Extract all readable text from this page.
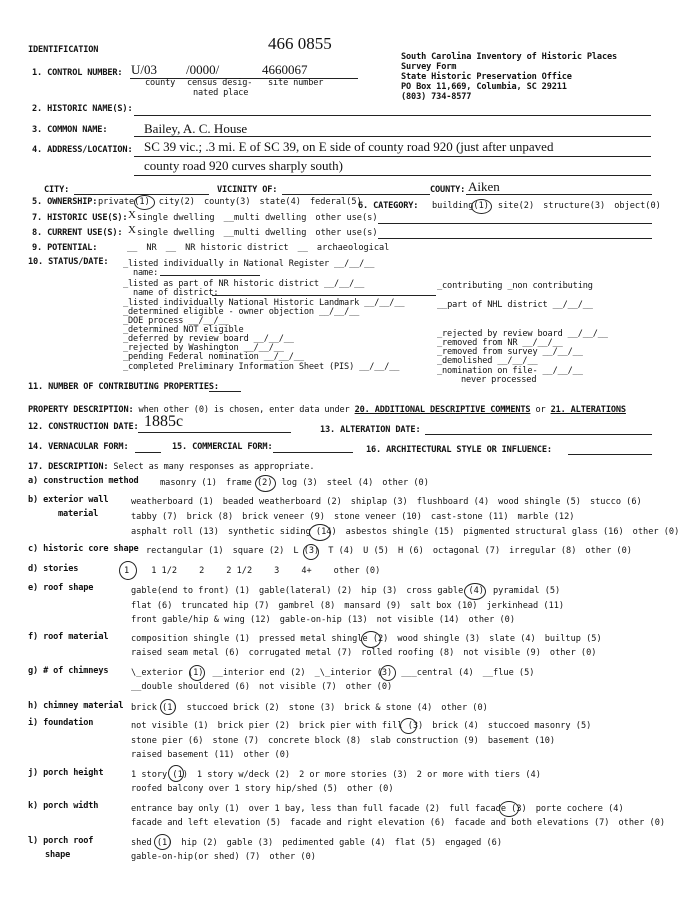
IDENTIFICATION	466 0855
South Carolina Inventory of Historic Places
Survey Form
State Historic Preservation Office
PO Box 11,669, Columbia, SC 29211
(803) 734-8577
1. CONTROL NUMBER: U/03 /0000/	4660067
county census desig- site number
nated place
2. HISTORIC NAME(S):
3. COMMON NAME:	Bailey, A. C. House
4. ADDRESS/LOCATION: SC 39 vic.; .3 mi. E of SC 39, on E side of county road 920 (just after unpaved
county road 920 curves sharply south)
CITY:	VICINITY OF:	COUNTY: Aiken
5. OWNERSHIP: private(1) city(2) county(3) state(4) federal(5)
6. CATEGORY: building(1) site(2) structure(3) object(0)
7. HISTORIC USE(S): X single dwelling __multi dwelling other use(s)
8. CURRENT USE(S): X single dwelling __multi dwelling other use(s)
9. POTENTIAL:	__ NR __ NR historic district __ archaeological
10. STATUS/DATE: _listed individually in National Register __/__/__
name:
_listed as part of NR historic district __/__/__
name of district:
_listed individually National Historic Landmark __/__/__
_determined eligible - owner objection __/__/__
_DOE process __/__/__
_determined NOT eligible
_deferred by review board __/__/__
_rejected by Washington __/__/__
_pending Federal nomination __/__/__
_completed Preliminary Information Sheet (PIS) __/__/__
_contributing _non contributing
__part of NHL district __/__/__
_rejected by review board __/__/__
_removed from NR __/__/__
_removed from survey __/__/__
_demolished __/__/__
_nomination on file- __/__/__
never processed
11. NUMBER OF CONTRIBUTING PROPERTIES:
PROPERTY DESCRIPTION: when other (0) is chosen, enter data under 20. ADDITIONAL DESCRIPTIVE COMMENTS or 21. ALTERATIONS
12. CONSTRUCTION DATE: 1885c	13. ALTERATION DATE:
14. VERNACULAR FORM:	15. COMMERCIAL FORM:	16. ARCHITECTURAL STYLE OR INFLUENCE:
17. DESCRIPTION: Select as many responses as appropriate.
a) construction method masonry (1) frame (2) log (3) steel (4) other (0)
b) exterior wall
material
weatherboard (1) beaded weatherboard (2) shiplap (3) flushboard (4) wood shingle (5) stucco (6)
tabby (7) brick (8) brick veneer (9) stone veneer (10) cast-stone (11) marble (12)
asphalt roll (13) synthetic siding (14) asbestos shingle (15) pigmented structural glass (16) other (0)
c) historic core shape rectangular (1) square (2) L (3) T (4) U (5) H (6) octagonal (7) irregular (8) other (0)
d) stories	1	1 1/2	2	2 1/2	3	4+	other (0)
e) roof shape	gable(end to front) (1) gable(lateral) (2) hip (3) cross gable (4) pyramidal (5)
flat (6) truncated hip (7) gambrel (8) mansard (9) salt box (10) jerkinhead (11)
front gable/hip & wing (12) gable-on-hip (13) not visible (14) other (0)
f) roof material	composition shingle (1) pressed metal shingle (2) wood shingle (3) slate (4) builtup (5)
raised seam metal (6) corrugated metal (7) rolled roofing (8) not visible (9) other (0)
g) # of chimneys	\_exterior (1) __interior end (2) _\_interior (3) ___central (4) __flue (5)
__double shouldered (6) not visible (7) other (0)
h) chimney material brick (1) stuccoed brick (2) stone (3) brick & stone (4) other (0)
i) foundation	not visible (1) brick pier (2) brick pier with fill (3) brick (4) stuccoed masonry (5)
stone pier (6) stone (7) concrete block (8) slab construction (9) basement (10)
raised basement (11) other (0)
j) porch height	1 story (1) 1 story w/deck (2) 2 or more stories (3) 2 or more with tiers (4)
roofed balcony over 1 story hip/shed (5) other (0)
k) porch width	entrance bay only (1) over 1 bay, less than full facade (2) full facade (3) porte cochere (4)
facade and left elevation (5) facade and right elevation (6) facade and both elevations (7) other (0)
l) porch roof
shape
shed (1) hip (2) gable (3) pedimented gable (4) flat (5) engaged (6)
gable-on-hip(or shed) (7) other (0)
